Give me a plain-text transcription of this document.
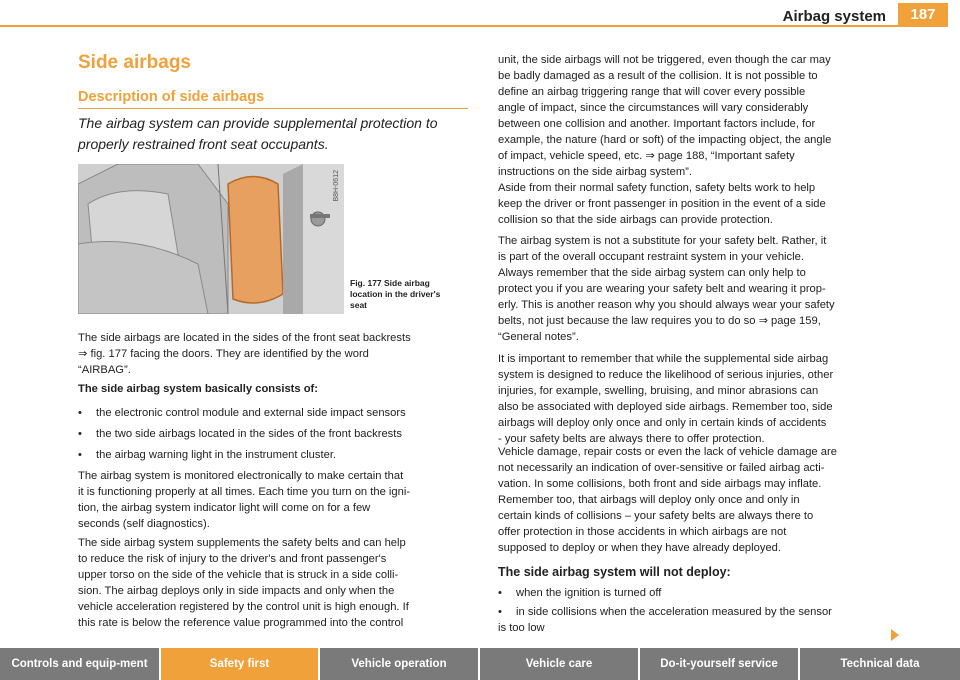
Airbag system	187
Side airbags
Description of side airbags
The airbag system can provide supplemental protection to properly restrained front seat occupants.
B8H-0612
Fig. 177 Side airbag
location in the driver's
seat
The side airbags are located in the sides of the front seat backrests
⇒ fig. 177 facing the doors. They are identified by the word
“AIRBAG”.
The side airbag system basically consists of:
• the electronic control module and external side impact sensors
• the two side airbags located in the sides of the front backrests
• the airbag warning light in the instrument cluster.
The airbag system is monitored electronically to make certain that
it is functioning properly at all times. Each time you turn on the igni-
tion, the airbag system indicator light will come on for a few
seconds (self diagnostics).
The side airbag system supplements the safety belts and can help
to reduce the risk of injury to the driver's and front passenger's
upper torso on the side of the vehicle that is struck in a side colli-
sion. The airbag deploys only in side impacts and only when the
vehicle acceleration registered by the control unit is high enough. If
this rate is below the reference value programmed into the control
unit, the side airbags will not be triggered, even though the car may
be badly damaged as a result of the collision. It is not possible to
define an airbag triggering range that will cover every possible
angle of impact, since the circumstances will vary considerably
between one collision and another. Important factors include, for
example, the nature (hard or soft) of the impacting object, the angle
of impact, vehicle speed, etc. ⇒ page 188, “Important safety
instructions on the side airbag system”.
Aside from their normal safety function, safety belts work to help
keep the driver or front passenger in position in the event of a side
collision so that the side airbags can provide protection.
The airbag system is not a substitute for your safety belt. Rather, it
is part of the overall occupant restraint system in your vehicle.
Always remember that the side airbag system can only help to
protect you if you are wearing your safety belt and wearing it prop-
erly. This is another reason why you should always wear your safety
belts, not just because the law requires you to do so ⇒ page 159,
“General notes”.
It is important to remember that while the supplemental side airbag
system is designed to reduce the likelihood of serious injuries, other
injuries, for example, swelling, bruising, and minor abrasions can
also be associated with deployed side airbags. Remember too, side
airbags will deploy only once and only in certain kinds of accidents
- your safety belts are always there to offer protection.
Vehicle damage, repair costs or even the lack of vehicle damage are
not necessarily an indication of over-sensitive or failed airbag acti-
vation. In some collisions, both front and side airbags may inflate.
Remember too, that airbags will deploy only once and only in
certain kinds of collisions – your safety belts are always there to
offer protection in those accidents in which airbags are not
supposed to deploy or when they have already deployed.
The side airbag system will not deploy:
• when the ignition is turned off
• in side collisions when the acceleration measured by the sensor
is too low
Controls and equip-ment	Safety first	Vehicle operation	Vehicle care	Do-it-yourself service	Technical data
